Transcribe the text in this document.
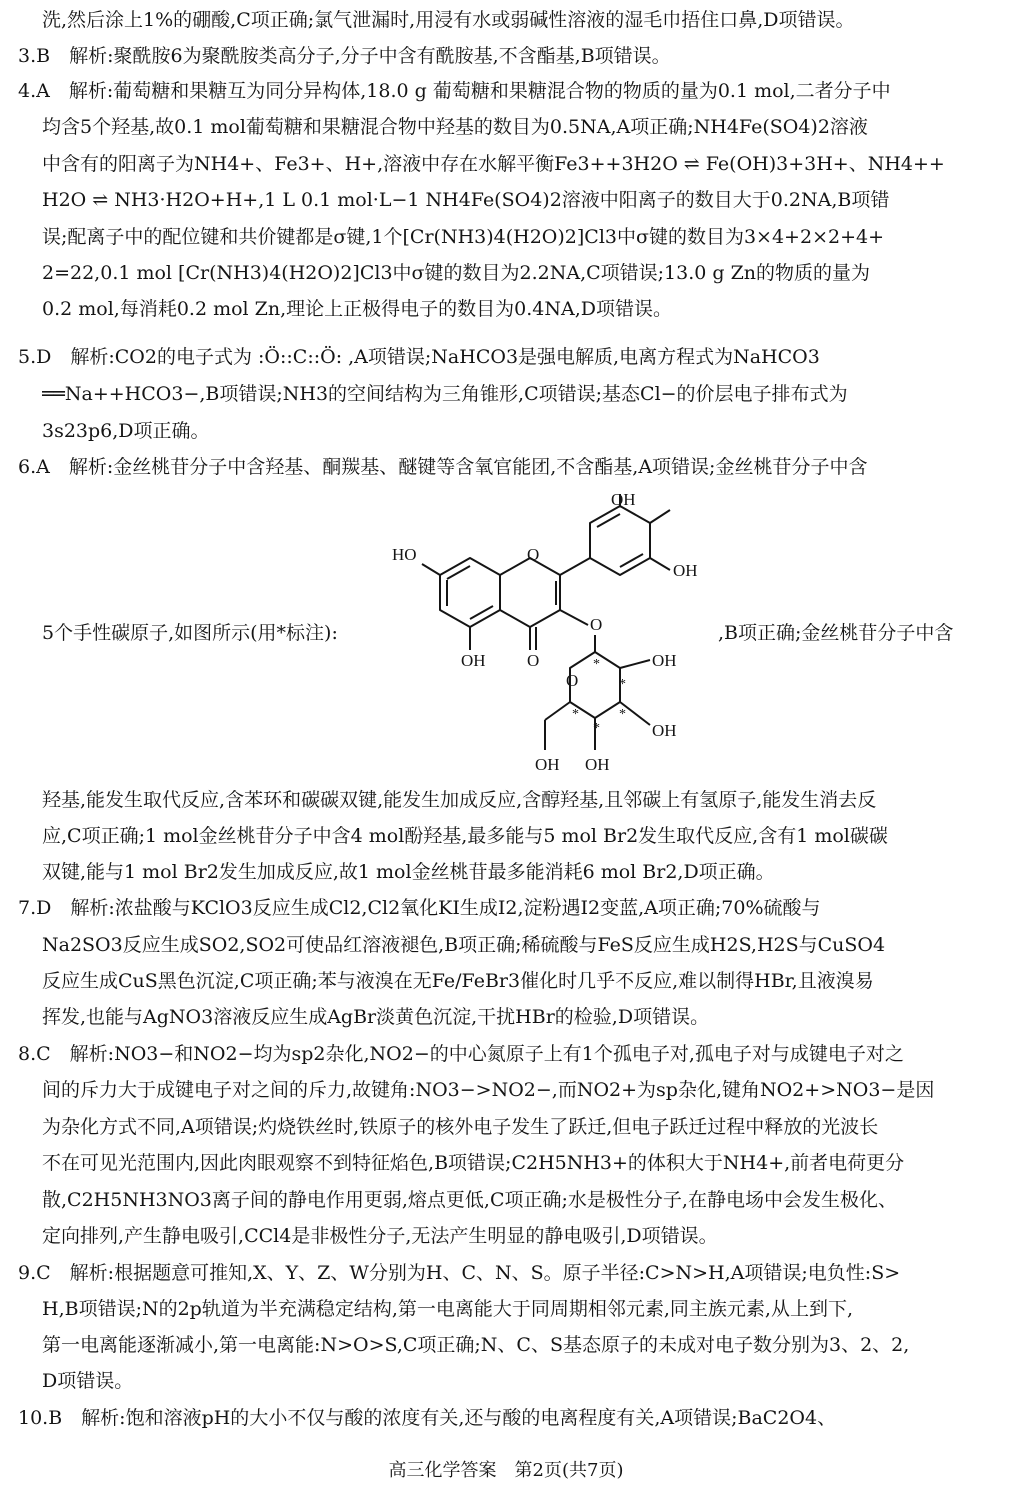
洗,然后涂上1%的硼酸,C项正确;氯气泄漏时,用浸有水或弱碱性溶液的湿毛巾捂住口鼻,D项错误。
3.B　解析:聚酰胺6为聚酰胺类高分子,分子中含有酰胺基,不含酯基,B项错误。
4.A　解析:葡萄糖和果糖互为同分异构体,18.0 g 葡萄糖和果糖混合物的物质的量为0.1 mol,二者分子中
均含5个羟基,故0.1 mol葡萄糖和果糖混合物中羟基的数目为0.5NA,A项正确;NH4Fe(SO4)2溶液
中含有的阳离子为NH4+、Fe3+、H+,溶液中存在水解平衡Fe3++3H2O ⇌ Fe(OH)3+3H+、NH4++
H2O ⇌ NH3·H2O+H+,1 L 0.1 mol·L−1 NH4Fe(SO4)2溶液中阳离子的数目大于0.2NA,B项错
误;配离子中的配位键和共价键都是σ键,1个[Cr(NH3)4(H2O)2]Cl3中σ键的数目为3×4+2×2+4+
2=22,0.1 mol [Cr(NH3)4(H2O)2]Cl3中σ键的数目为2.2NA,C项错误;13.0 g Zn的物质的量为
0.2 mol,每消耗0.2 mol Zn,理论上正极得电子的数目为0.4NA,D项错误。
5.D　解析:CO2的电子式为 :Ö::C::Ö: ,A项错误;NaHCO3是强电解质,电离方程式为NaHCO3
══Na++HCO3−,B项错误;NH3的空间结构为三角锥形,C项错误;基态Cl−的价层电子排布式为
3s23p6,D项正确。
6.A　解析:金丝桃苷分子中含羟基、酮羰基、醚键等含氧官能团,不含酯基,A项错误;金丝桃苷分子中含
5个手性碳原子,如图所示(用*标注):	,B项正确;金丝桃苷分子中含
HO	O
OH
OH
OH O
O
O
OH
OH
OH
OH
*
*
*
*
*
羟基,能发生取代反应,含苯环和碳碳双键,能发生加成反应,含醇羟基,且邻碳上有氢原子,能发生消去反
应,C项正确;1 mol金丝桃苷分子中含4 mol酚羟基,最多能与5 mol Br2发生取代反应,含有1 mol碳碳
双键,能与1 mol Br2发生加成反应,故1 mol金丝桃苷最多能消耗6 mol Br2,D项正确。
7.D　解析:浓盐酸与KClO3反应生成Cl2,Cl2氧化KI生成I2,淀粉遇I2变蓝,A项正确;70%硫酸与
Na2SO3反应生成SO2,SO2可使品红溶液褪色,B项正确;稀硫酸与FeS反应生成H2S,H2S与CuSO4
反应生成CuS黑色沉淀,C项正确;苯与液溴在无Fe/FeBr3催化时几乎不反应,难以制得HBr,且液溴易
挥发,也能与AgNO3溶液反应生成AgBr淡黄色沉淀,干扰HBr的检验,D项错误。
8.C　解析:NO3−和NO2−均为sp2杂化,NO2−的中心氮原子上有1个孤电子对,孤电子对与成键电子对之
间的斥力大于成键电子对之间的斥力,故键角:NO3−>NO2−,而NO2+为sp杂化,键角NO2+>NO3−是因
为杂化方式不同,A项错误;灼烧铁丝时,铁原子的核外电子发生了跃迁,但电子跃迁过程中释放的光波长
不在可见光范围内,因此肉眼观察不到特征焰色,B项错误;C2H5NH3+的体积大于NH4+,前者电荷更分
散,C2H5NH3NO3离子间的静电作用更弱,熔点更低,C项正确;水是极性分子,在静电场中会发生极化、
定向排列,产生静电吸引,CCl4是非极性分子,无法产生明显的静电吸引,D项错误。
9.C　解析:根据题意可推知,X、Y、Z、W分别为H、C、N、S。原子半径:C>N>H,A项错误;电负性:S>
H,B项错误;N的2p轨道为半充满稳定结构,第一电离能大于同周期相邻元素,同主族元素,从上到下,
第一电离能逐渐减小,第一电离能:N>O>S,C项正确;N、C、S基态原子的未成对电子数分别为3、2、2,
D项错误。
10.B　解析:饱和溶液pH的大小不仅与酸的浓度有关,还与酸的电离程度有关,A项错误;BaC2O4、
高三化学答案　第2页(共7页)
